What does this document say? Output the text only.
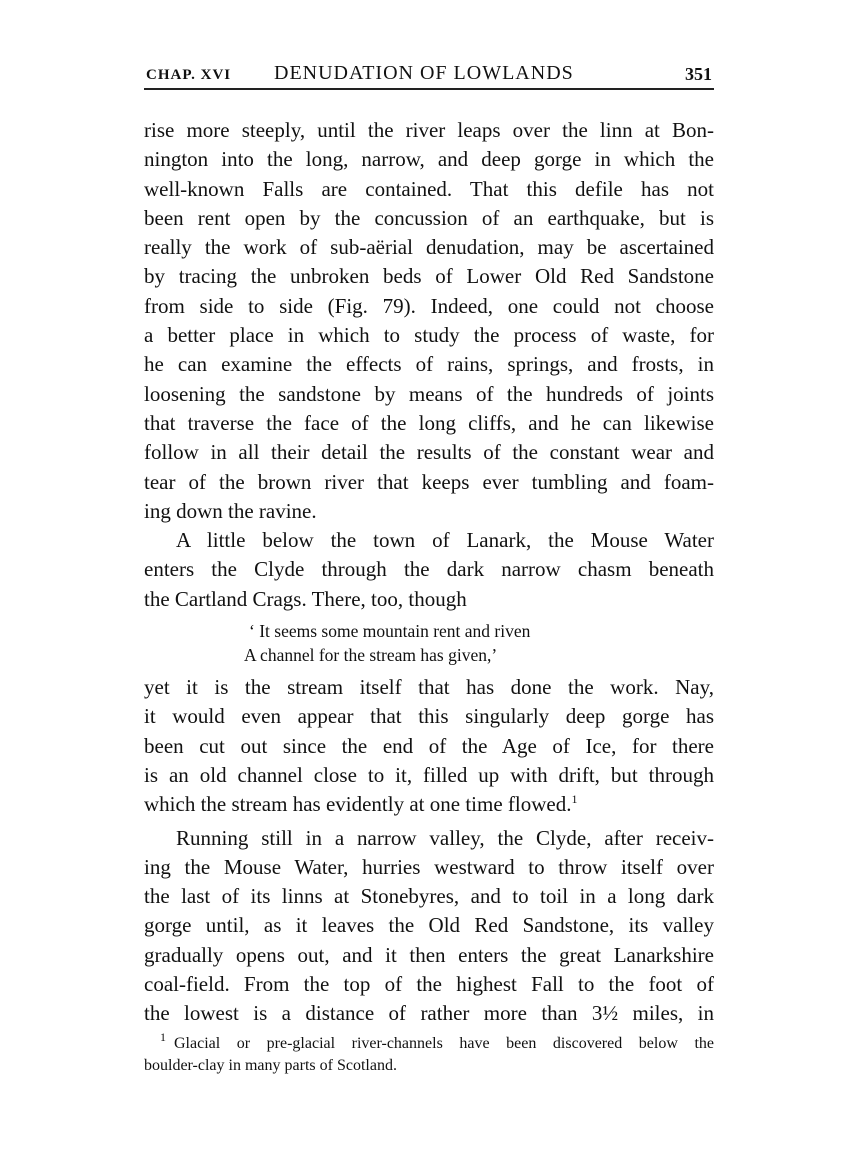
CHAP. XVI DENUDATION OF LOWLANDS	351

rise more steeply, until the river leaps over the linn at Bon-
nington into the long, narrow, and deep gorge in which the
well-known Falls are contained. That this defile has not
been rent open by the concussion of an earthquake, but is
really the work of sub-aërial denudation, may be ascertained
by tracing the unbroken beds of Lower Old Red Sandstone
from side to side (Fig. 79). Indeed, one could not choose
a better place in which to study the process of waste, for
he can examine the effects of rains, springs, and frosts, in
loosening the sandstone by means of the hundreds of joints
that traverse the face of the long cliffs, and he can likewise
follow in all their detail the results of the constant wear and
tear of the brown river that keeps ever tumbling and foam-
ing down the ravine.

A little below the town of Lanark, the Mouse Water
enters the Clyde through the dark narrow chasm beneath
the Cartland Crags. There, too, though

‘ It seems some mountain rent and riven
A channel for the stream has given,’

yet it is the stream itself that has done the work. Nay,
it would even appear that this singularly deep gorge has
been cut out since the end of the Age of Ice, for there
is an old channel close to it, filled up with drift, but through
which the stream has evidently at one time flowed.$^1$

Running still in a narrow valley, the Clyde, after receiv-
ing the Mouse Water, hurries westward to throw itself over
the last of its linns at Stonebyres, and to toil in a long dark
gorge until, as it leaves the Old Red Sandstone, its valley
gradually opens out, and it then enters the great Lanarkshire
coal-field. From the top of the highest Fall to the foot of
the lowest is a distance of rather more than 3½ miles, in

$^1$ Glacial or pre-glacial river-channels have been discovered below the
boulder-clay in many parts of Scotland.
